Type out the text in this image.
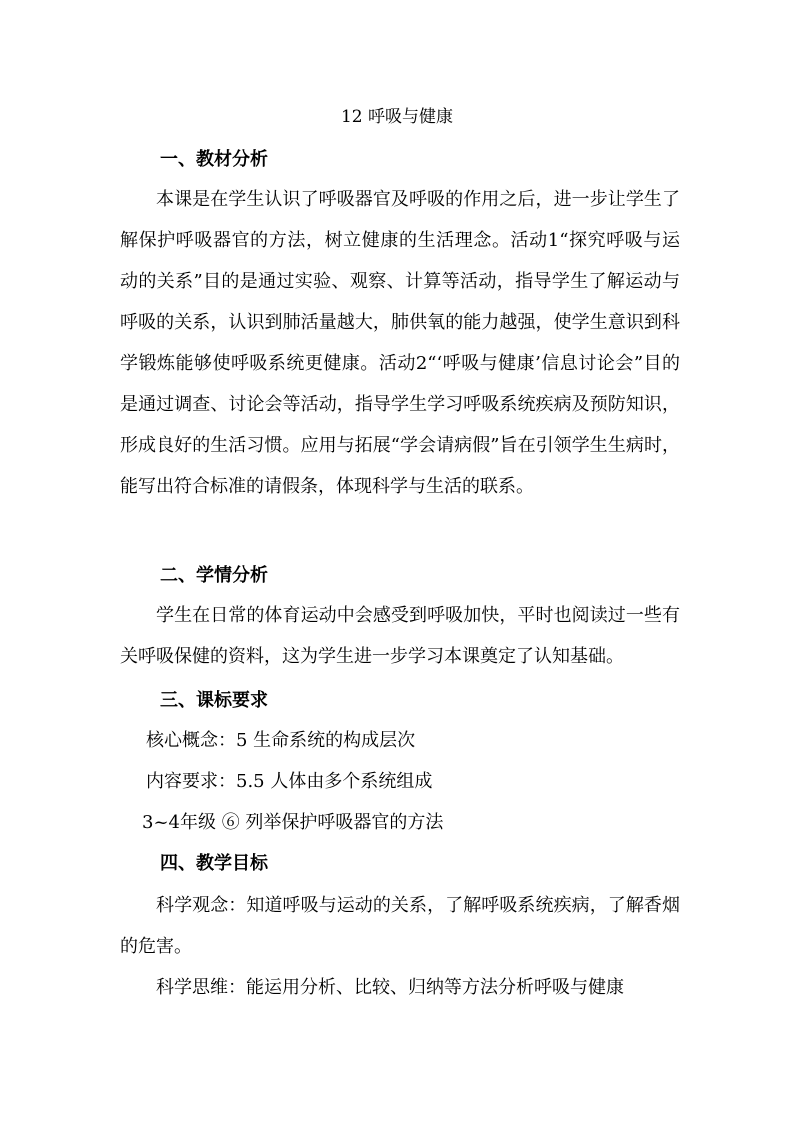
12 呼吸与健康
一、教材分析

本课是在学生认识了呼吸器官及呼吸的作用之后，进一步让学生了解保护呼吸器官的方法，树立健康的生活理念。活动1“探究呼吸与运动的关系”目的是通过实验、观察、计算等活动，指导学生了解运动与呼吸的关系，认识到肺活量越大，肺供氧的能力越强，使学生意识到科学锻炼能够使呼吸系统更健康。活动2“‘呼吸与健康’信息讨论会”目的是通过调查、讨论会等活动，指导学生学习呼吸系统疾病及预防知识，形成良好的生活习惯。应用与拓展“学会请病假”旨在引领学生生病时，能写出符合标准的请假条，体现科学与生活的联系。

二、学情分析

学生在日常的体育运动中会感受到呼吸加快，平时也阅读过一些有关呼吸保健的资料，这为学生进一步学习本课奠定了认知基础。

三、课标要求
核心概念：5 生命系统的构成层次
内容要求：5.5 人体由多个系统组成
3~4年级 ⑥ 列举保护呼吸器官的方法
四、教学目标

科学观念：知道呼吸与运动的关系，了解呼吸系统疾病，了解香烟的危害。

科学思维：能运用分析、比较、归纳等方法分析呼吸与健康
